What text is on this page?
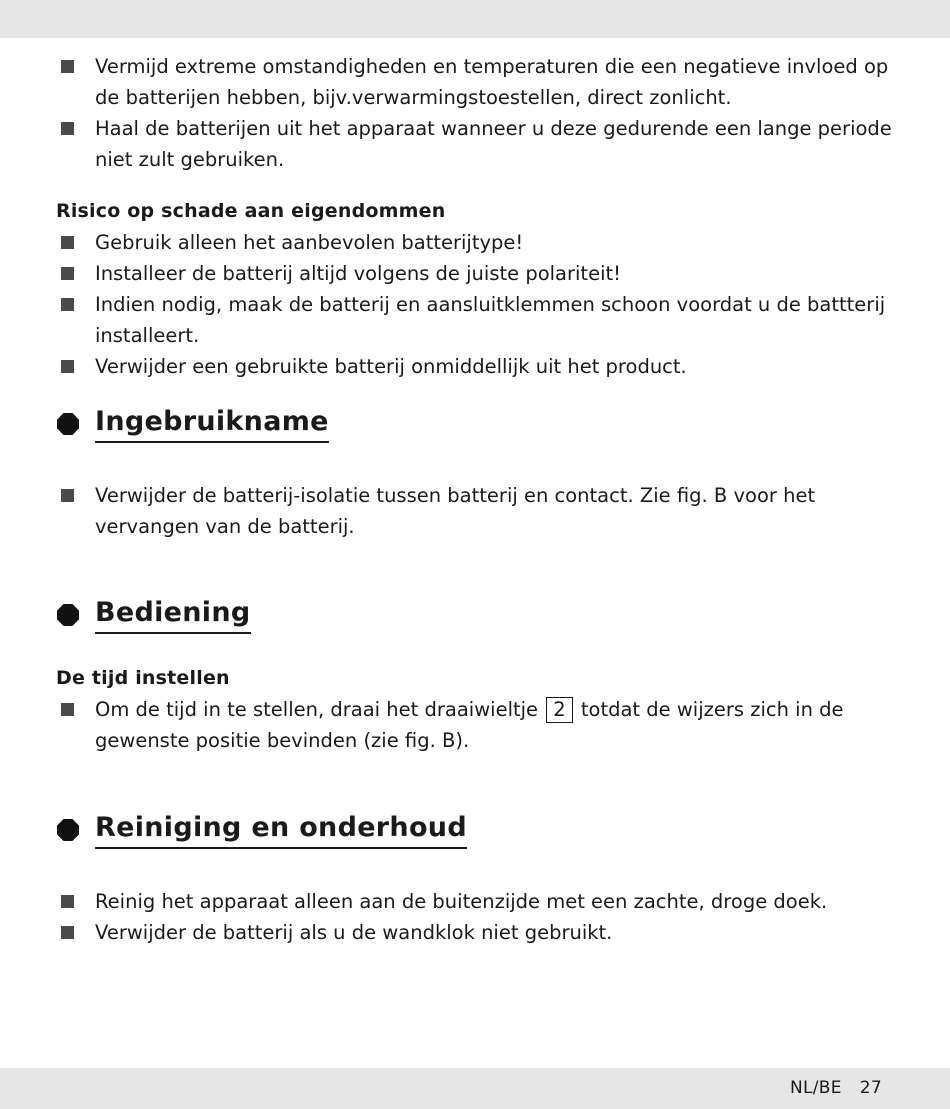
Vermijd extreme omstandigheden en temperaturen die een negatieve invloed op de batterijen hebben, bijv.verwarmingstoestellen, direct zonlicht.
Haal de batterijen uit het apparaat wanneer u deze gedurende een lange periode niet zult gebruiken.

Risico op schade aan eigendommen

Gebruik alleen het aanbevolen batterijtype!
Installeer de batterij altijd volgens de juiste polariteit!
Indien nodig, maak de batterij en aansluitklemmen schoon voordat u de battterij installeert.
Verwijder een gebruikte batterij onmiddellijk uit het product.
Ingebruikname
Verwijder de batterij-isolatie tussen batterij en contact. Zie fig. B voor het vervangen van de batterij.
Bediening

De tijd instellen

Om de tijd in te stellen, draai het draaiwieltje 2 totdat de wijzers zich in de gewenste positie bevinden (zie fig. B).
Reiniging en onderhoud
Reinig het apparaat alleen aan de buitenzijde met een zachte, droge doek.
Verwijder de batterij als u de wandklok niet gebruikt.
NL/BE 27
